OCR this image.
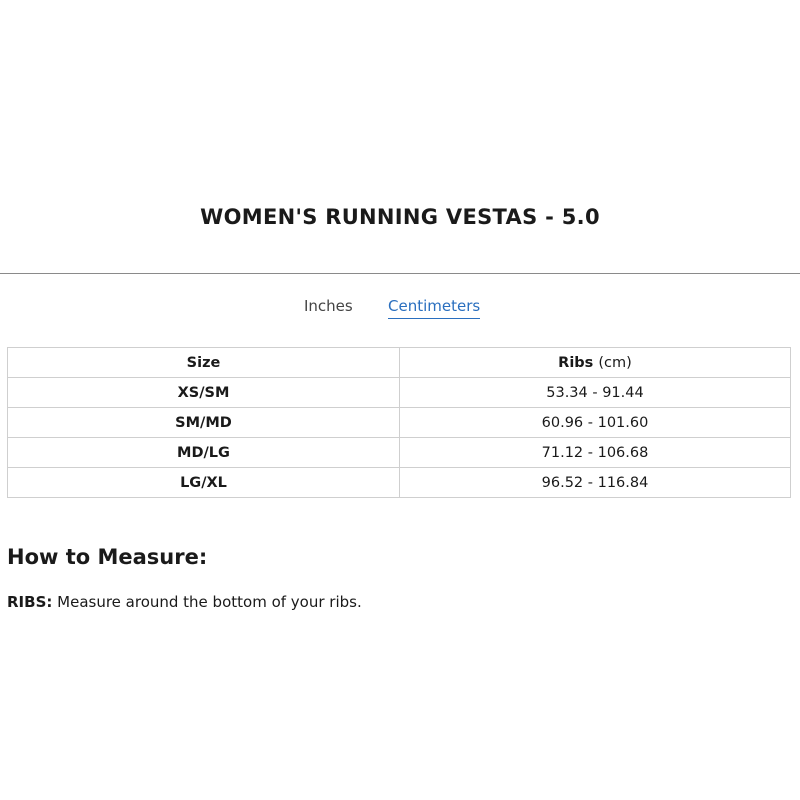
WOMEN'S RUNNING VESTAS - 5.0
Inches Centimeters
Size	Ribs (cm)
XS/SM	53.34 - 91.44
SM/MD	60.96 - 101.60
MD/LG	71.12 - 106.68
LG/XL	96.52 - 116.84
How to Measure:

RIBS: Measure around the bottom of your ribs.
